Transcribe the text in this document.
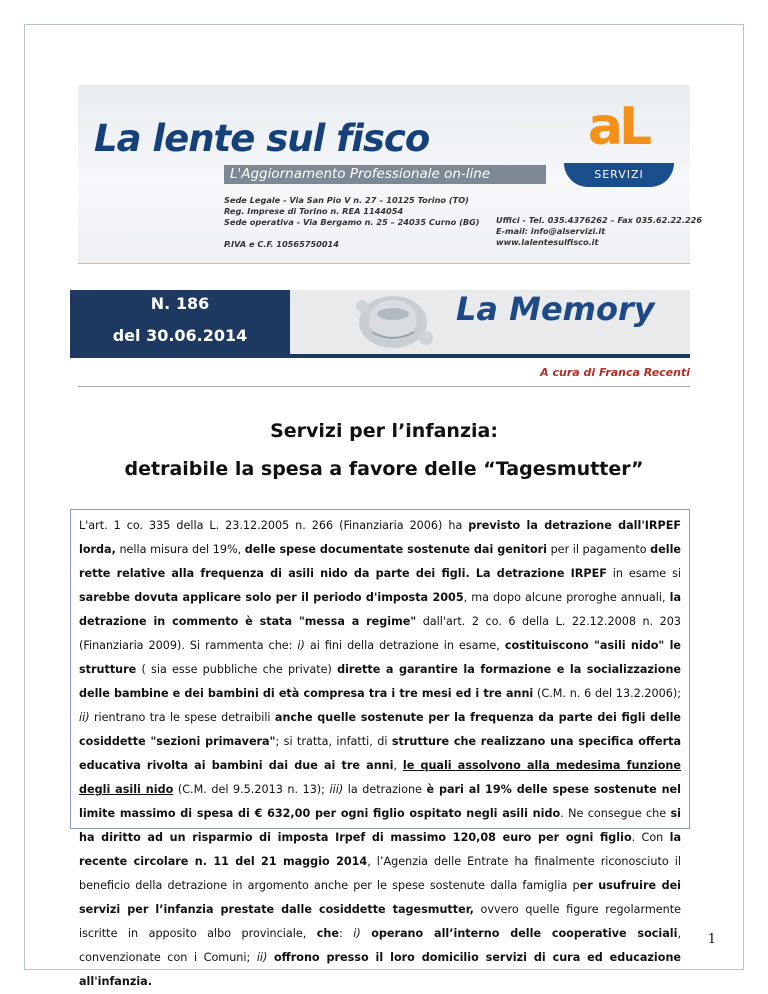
La lente sul fisco
L'Aggiornamento Professionale on-line
Sede Legale - Via San Pio V n. 27 – 10125 Torino (TO)
Reg. Imprese di Torino n. REA 1144054
Sede operativa - Via Bergamo n. 25 – 24035 Curno (BG)
P.IVA e C.F. 10565750014
Uffici - Tel. 035.4376262 – Fax 035.62.22.226
E-mail: info@alservizi.it
www.lalentesulfisco.it
aL
SERVIZI
N. 186
del 30.06.2014
La Memory
A cura di Franca Recenti
Servizi per l’infanzia:
detraibile la spesa a favore delle “Tagesmutter”

L'art. 1 co. 335 della L. 23.12.2005 n. 266 (Finanziaria 2006) ha previsto la detrazione dall'IRPEF lorda, nella misura del 19%, delle spese documentate sostenute dai genitori per il pagamento delle rette relative alla frequenza di asili nido da parte dei figli. La detrazione IRPEF in esame si sarebbe dovuta applicare solo per il periodo d'imposta 2005, ma dopo alcune proroghe annuali, la detrazione in commento è stata "messa a regime" dall'art. 2 co. 6 della L. 22.12.2008 n. 203 (Finanziaria 2009). Si rammenta che: i) ai fini della detrazione in esame, costituiscono "asili nido" le strutture ( sia esse pubbliche che private) dirette a garantire la formazione e la socializzazione delle bambine e dei bambini di età compresa tra i tre mesi ed i tre anni (C.M. n. 6 del 13.2.2006); ii) rientrano tra le spese detraibili anche quelle sostenute per la frequenza da parte dei figli delle cosiddette "sezioni primavera"; si tratta, infatti, di strutture che realizzano una specifica offerta educativa rivolta ai bambini dai due ai tre anni, le quali assolvono alla medesima funzione degli asili nido (C.M. del 9.5.2013 n. 13); iii) la detrazione è pari al 19% delle spese sostenute nel limite massimo di spesa di € 632,00 per ogni figlio ospitato negli asili nido. Ne consegue che si ha diritto ad un risparmio di imposta Irpef di massimo 120,08 euro per ogni figlio. Con la recente circolare n. 11 del 21 maggio 2014, l’Agenzia delle Entrate ha finalmente riconosciuto il beneficio della detrazione in argomento anche per le spese sostenute dalla famiglia per usufruire dei servizi per l’infanzia prestate dalle cosiddette tagesmutter, ovvero quelle figure regolarmente iscritte in apposito albo provinciale, che: i) operano all’interno delle cooperative sociali, convenzionate con i Comuni; ii) offrono presso il loro domicilio servizi di cura ed educazione all'infanzia.

1
